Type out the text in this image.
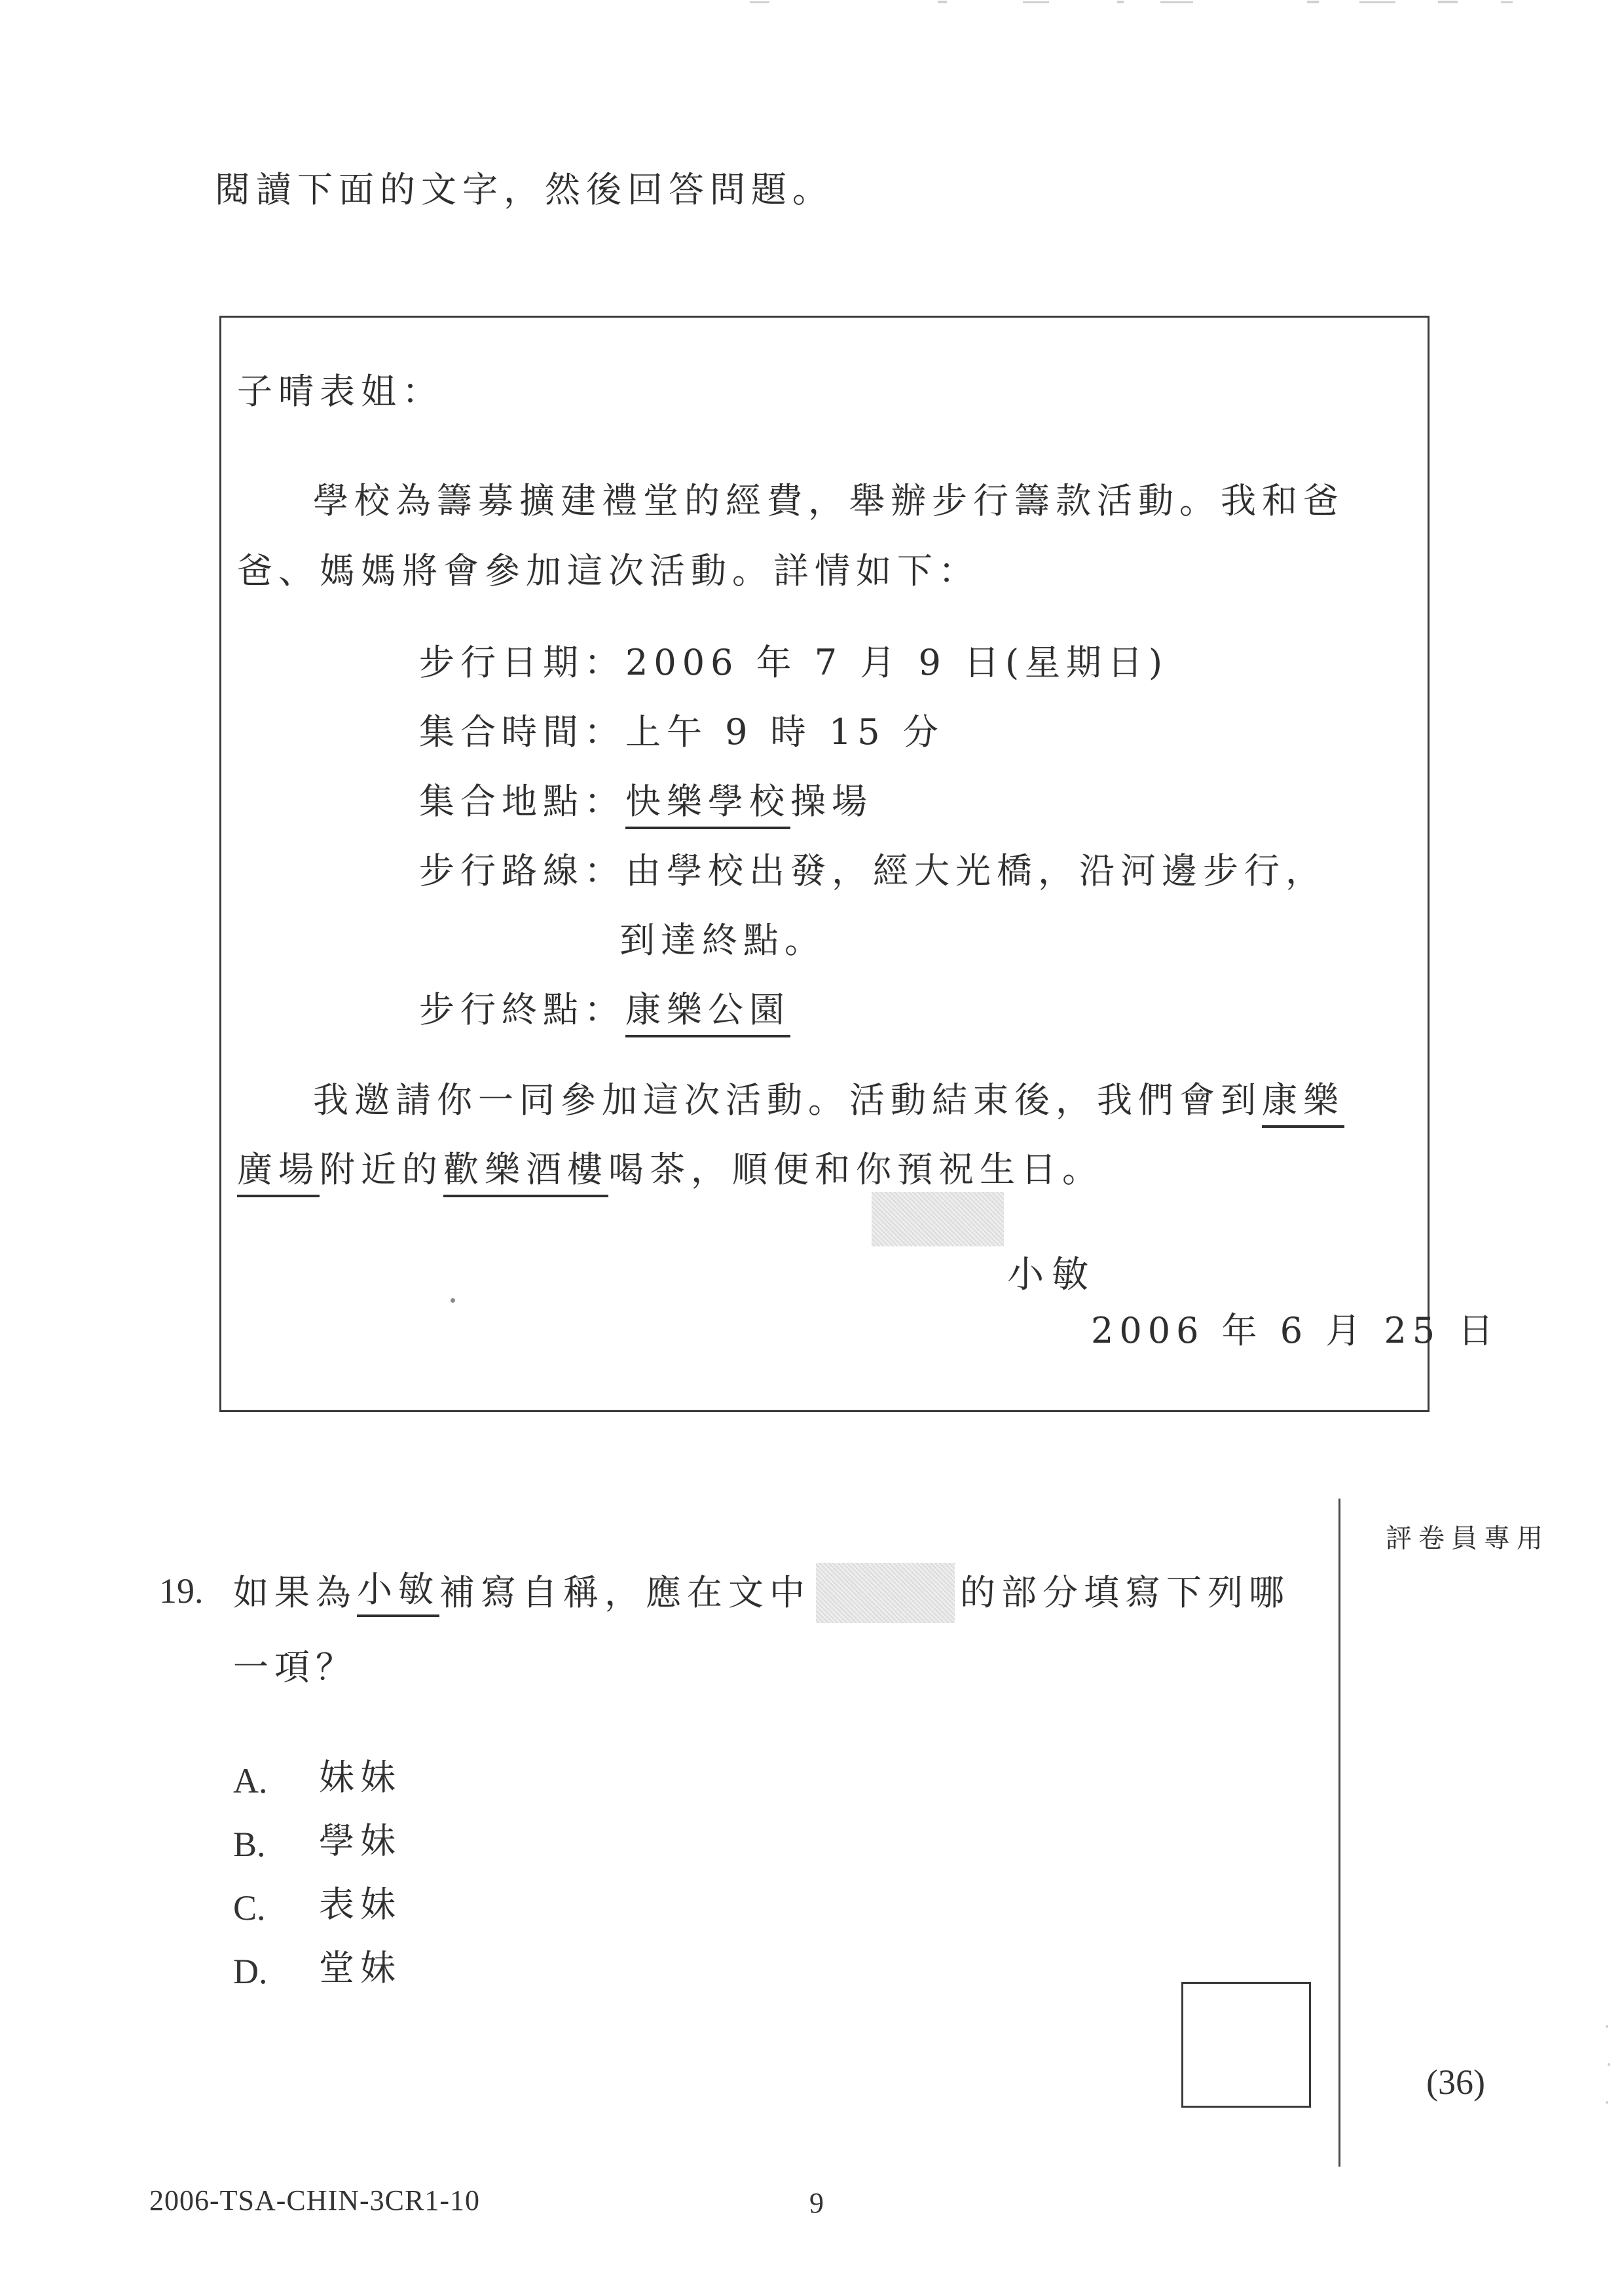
閱讀下面的文字，然後回答問題。
子晴表姐：
學校為籌募擴建禮堂的經費，舉辦步行籌款活動。我和爸
爸、媽媽將會參加這次活動。詳情如下：
步行日期：2006 年 7 月 9 日(星期日)
集合時間：上午 9 時 15 分
集合地點：快樂學校操場
步行路線：由學校出發，經大光橋，沿河邊步行，
到達終點。
步行終點：康樂公園
我邀請你一同參加這次活動。活動結束後，我們會到康樂
廣場附近的歡樂酒樓喝茶，順便和你預祝生日。
小敏
2006 年 6 月 25 日
19. 如果為 小敏 補寫自稱，應在文中	的部分填寫下列哪
一項？
A. 妹妹
B. 學妹
C. 表妹
D. 堂妹
評卷員專用
(36)
2006-TSA-CHIN-3CR1-10	9
